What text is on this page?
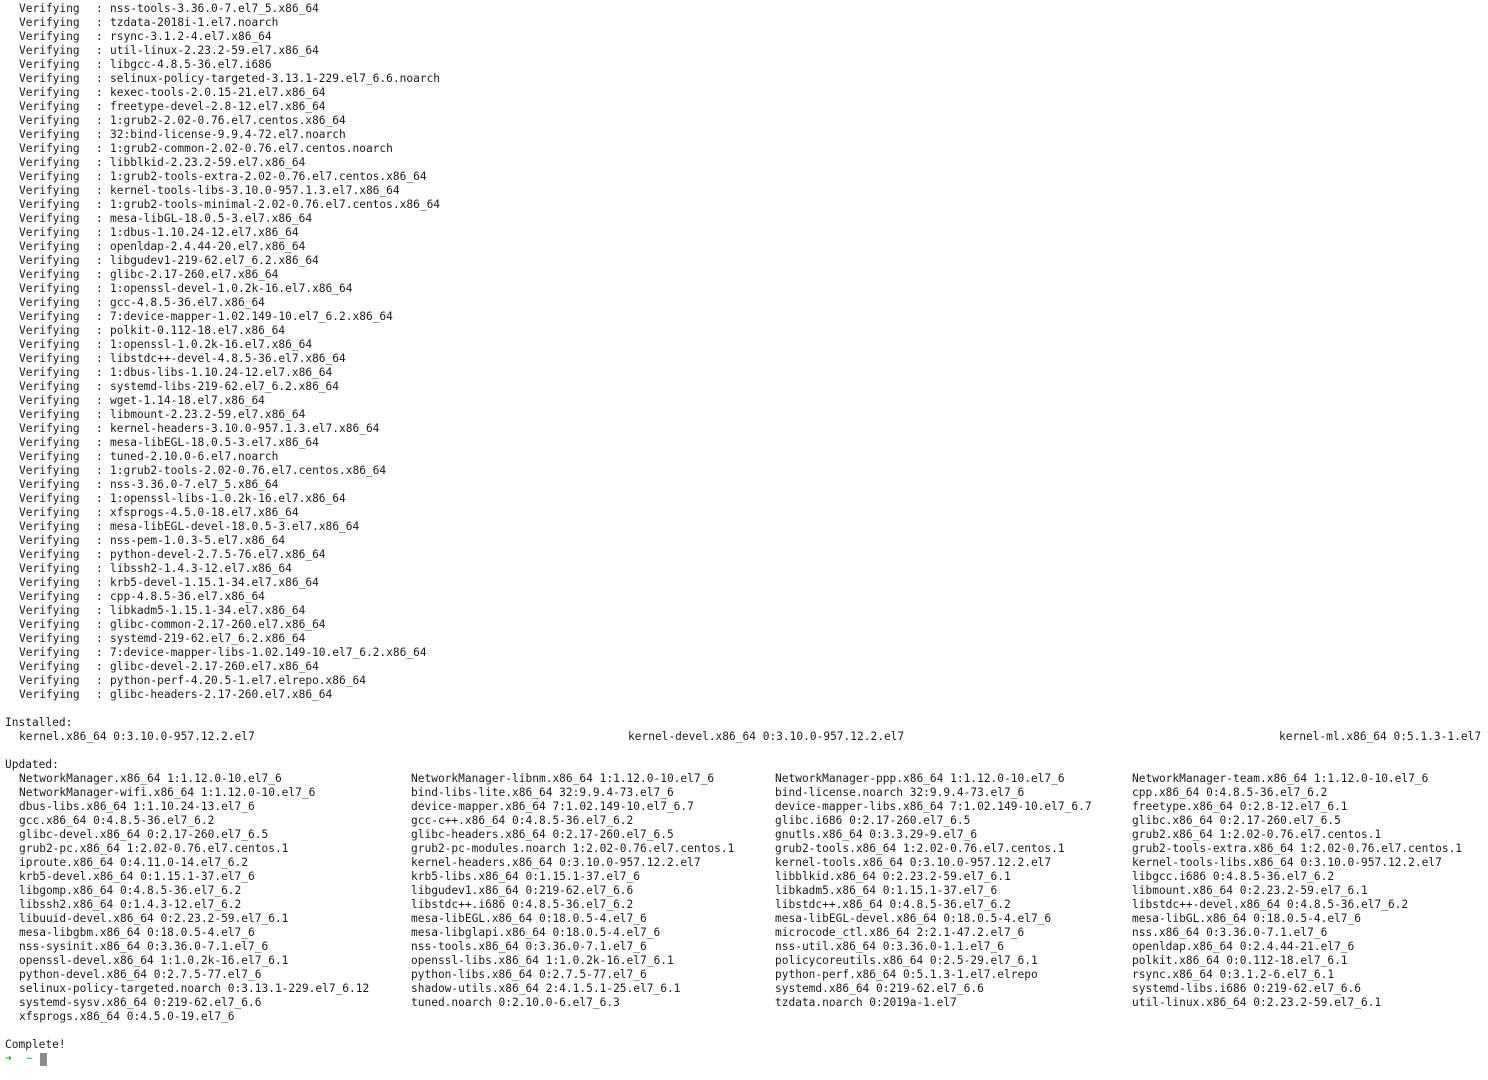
Verifying : nss-tools-3.36.0-7.el7_5.x86_64
Verifying : tzdata-2018i-1.el7.noarch
Verifying : rsync-3.1.2-4.el7.x86_64
Verifying : util-linux-2.23.2-59.el7.x86_64
Verifying : libgcc-4.8.5-36.el7.i686
Verifying : selinux-policy-targeted-3.13.1-229.el7_6.6.noarch
Verifying : kexec-tools-2.0.15-21.el7.x86_64
Verifying : freetype-devel-2.8-12.el7.x86_64
Verifying : 1:grub2-2.02-0.76.el7.centos.x86_64
Verifying : 32:bind-license-9.9.4-72.el7.noarch
Verifying : 1:grub2-common-2.02-0.76.el7.centos.noarch
Verifying : libblkid-2.23.2-59.el7.x86_64
Verifying : 1:grub2-tools-extra-2.02-0.76.el7.centos.x86_64
Verifying : kernel-tools-libs-3.10.0-957.1.3.el7.x86_64
Verifying : 1:grub2-tools-minimal-2.02-0.76.el7.centos.x86_64
Verifying : mesa-libGL-18.0.5-3.el7.x86_64
Verifying : 1:dbus-1.10.24-12.el7.x86_64
Verifying : openldap-2.4.44-20.el7.x86_64
Verifying : libgudev1-219-62.el7_6.2.x86_64
Verifying : glibc-2.17-260.el7.x86_64
Verifying : 1:openssl-devel-1.0.2k-16.el7.x86_64
Verifying : gcc-4.8.5-36.el7.x86_64
Verifying : 7:device-mapper-1.02.149-10.el7_6.2.x86_64
Verifying : polkit-0.112-18.el7.x86_64
Verifying : 1:openssl-1.0.2k-16.el7.x86_64
Verifying : libstdc++-devel-4.8.5-36.el7.x86_64
Verifying : 1:dbus-libs-1.10.24-12.el7.x86_64
Verifying : systemd-libs-219-62.el7_6.2.x86_64
Verifying : wget-1.14-18.el7.x86_64
Verifying : libmount-2.23.2-59.el7.x86_64
Verifying : kernel-headers-3.10.0-957.1.3.el7.x86_64
Verifying : mesa-libEGL-18.0.5-3.el7.x86_64
Verifying : tuned-2.10.0-6.el7.noarch
Verifying : 1:grub2-tools-2.02-0.76.el7.centos.x86_64
Verifying : nss-3.36.0-7.el7_5.x86_64
Verifying : 1:openssl-libs-1.0.2k-16.el7.x86_64
Verifying : xfsprogs-4.5.0-18.el7.x86_64
Verifying : mesa-libEGL-devel-18.0.5-3.el7.x86_64
Verifying : nss-pem-1.0.3-5.el7.x86_64
Verifying : python-devel-2.7.5-76.el7.x86_64
Verifying : libssh2-1.4.3-12.el7.x86_64
Verifying : krb5-devel-1.15.1-34.el7.x86_64
Verifying : cpp-4.8.5-36.el7.x86_64
Verifying : libkadm5-1.15.1-34.el7.x86_64
Verifying : glibc-common-2.17-260.el7.x86_64
Verifying : systemd-219-62.el7_6.2.x86_64
Verifying : 7:device-mapper-libs-1.02.149-10.el7_6.2.x86_64
Verifying : glibc-devel-2.17-260.el7.x86_64
Verifying : python-perf-4.20.5-1.el7.elrepo.x86_64
Verifying : glibc-headers-2.17-260.el7.x86_64
Installed:
kernel.x86_64 0:3.10.0-957.12.2.el7	kernel-devel.x86_64 0:3.10.0-957.12.2.el7	kernel-ml.x86_64 0:5.1.3-1.el7
Updated:
NetworkManager.x86_64 1:1.12.0-10.el7_6	NetworkManager-libnm.x86_64 1:1.12.0-10.el7_6	NetworkManager-ppp.x86_64 1:1.12.0-10.el7_6	NetworkManager-team.x86_64 1:1.12.0-10.el7_6
NetworkManager-wifi.x86_64 1:1.12.0-10.el7_6	bind-libs-lite.x86_64 32:9.9.4-73.el7_6	bind-license.noarch 32:9.9.4-73.el7_6	cpp.x86_64 0:4.8.5-36.el7_6.2
dbus-libs.x86_64 1:1.10.24-13.el7_6	device-mapper.x86_64 7:1.02.149-10.el7_6.7	device-mapper-libs.x86_64 7:1.02.149-10.el7_6.7	freetype.x86_64 0:2.8-12.el7_6.1
gcc.x86_64 0:4.8.5-36.el7_6.2	gcc-c++.x86_64 0:4.8.5-36.el7_6.2	glibc.i686 0:2.17-260.el7_6.5	glibc.x86_64 0:2.17-260.el7_6.5
glibc-devel.x86_64 0:2.17-260.el7_6.5	glibc-headers.x86_64 0:2.17-260.el7_6.5	gnutls.x86_64 0:3.3.29-9.el7_6	grub2.x86_64 1:2.02-0.76.el7.centos.1
grub2-pc.x86_64 1:2.02-0.76.el7.centos.1	grub2-pc-modules.noarch 1:2.02-0.76.el7.centos.1	grub2-tools.x86_64 1:2.02-0.76.el7.centos.1	grub2-tools-extra.x86_64 1:2.02-0.76.el7.centos.1
iproute.x86_64 0:4.11.0-14.el7_6.2	kernel-headers.x86_64 0:3.10.0-957.12.2.el7	kernel-tools.x86_64 0:3.10.0-957.12.2.el7	kernel-tools-libs.x86_64 0:3.10.0-957.12.2.el7
krb5-devel.x86_64 0:1.15.1-37.el7_6	krb5-libs.x86_64 0:1.15.1-37.el7_6	libblkid.x86_64 0:2.23.2-59.el7_6.1	libgcc.i686 0:4.8.5-36.el7_6.2
libgomp.x86_64 0:4.8.5-36.el7_6.2	libgudev1.x86_64 0:219-62.el7_6.6	libkadm5.x86_64 0:1.15.1-37.el7_6	libmount.x86_64 0:2.23.2-59.el7_6.1
libssh2.x86_64 0:1.4.3-12.el7_6.2	libstdc++.i686 0:4.8.5-36.el7_6.2	libstdc++.x86_64 0:4.8.5-36.el7_6.2	libstdc++-devel.x86_64 0:4.8.5-36.el7_6.2
libuuid-devel.x86_64 0:2.23.2-59.el7_6.1	mesa-libEGL.x86_64 0:18.0.5-4.el7_6	mesa-libEGL-devel.x86_64 0:18.0.5-4.el7_6	mesa-libGL.x86_64 0:18.0.5-4.el7_6
mesa-libgbm.x86_64 0:18.0.5-4.el7_6	mesa-libglapi.x86_64 0:18.0.5-4.el7_6	microcode_ctl.x86_64 2:2.1-47.2.el7_6	nss.x86_64 0:3.36.0-7.1.el7_6
nss-sysinit.x86_64 0:3.36.0-7.1.el7_6	nss-tools.x86_64 0:3.36.0-7.1.el7_6	nss-util.x86_64 0:3.36.0-1.1.el7_6	openldap.x86_64 0:2.4.44-21.el7_6
openssl-devel.x86_64 1:1.0.2k-16.el7_6.1	openssl-libs.x86_64 1:1.0.2k-16.el7_6.1	policycoreutils.x86_64 0:2.5-29.el7_6.1	polkit.x86_64 0:0.112-18.el7_6.1
python-devel.x86_64 0:2.7.5-77.el7_6	python-libs.x86_64 0:2.7.5-77.el7_6	python-perf.x86_64 0:5.1.3-1.el7.elrepo	rsync.x86_64 0:3.1.2-6.el7_6.1
selinux-policy-targeted.noarch 0:3.13.1-229.el7_6.12	shadow-utils.x86_64 2:4.1.5.1-25.el7_6.1	systemd.x86_64 0:219-62.el7_6.6	systemd-libs.i686 0:219-62.el7_6.6
systemd-sysv.x86_64 0:219-62.el7_6.6	tuned.noarch 0:2.10.0-6.el7_6.3	tzdata.noarch 0:2019a-1.el7	util-linux.x86_64 0:2.23.2-59.el7_6.1
xfsprogs.x86_64 0:4.5.0-19.el7_6
Complete!
➜ ~
